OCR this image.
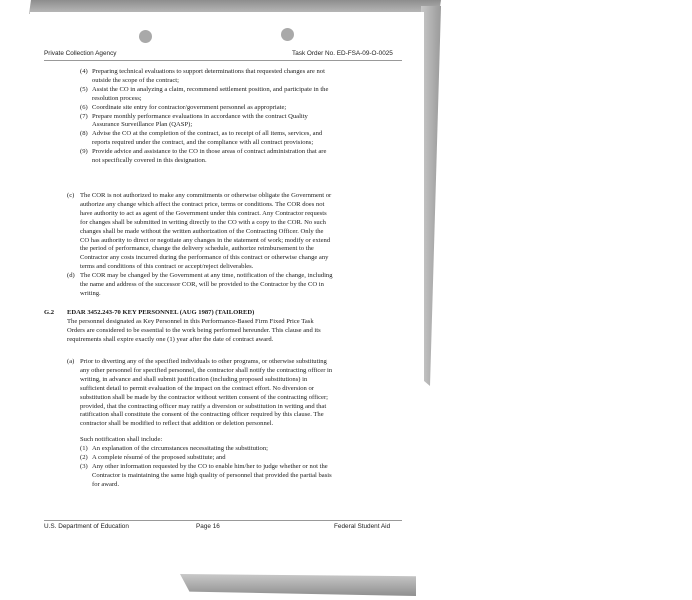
Private Collection Agency	Task Order No. ED-FSA-09-O-0025
(4) Preparing technical evaluations to support determinations that requested changes are not
outside the scope of the contract;
(5) Assist the CO in analyzing a claim, recommend settlement position, and participate in the
resolution process;
(6) Coordinate site entry for contractor/government personnel as appropriate;
(7) Prepare monthly performance evaluations in accordance with the contract Quality
Assurance Surveillance Plan (QASP);
(8) Advise the CO at the completion of the contract, as to receipt of all items, services, and
reports required under the contract, and the compliance with all contract provisions;
(9) Provide advice and assistance to the CO in those areas of contract administration that are
not specifically covered in this designation.
(c) The COR is not authorized to make any commitments or otherwise obligate the Government or
authorize any change which affect the contract price, terms or conditions. The COR does not
have authority to act as agent of the Government under this contract. Any Contractor requests
for changes shall be submitted in writing directly to the CO with a copy to the COR. No such
changes shall be made without the written authorization of the Contracting Officer. Only the
CO has authority to direct or negotiate any changes in the statement of work; modify or extend
the period of performance, change the delivery schedule, authorize reimbursement to the
Contractor any costs incurred during the performance of this contract or otherwise change any
terms and conditions of this contract or accept/reject deliverables.
(d) The COR may be changed by the Government at any time, notification of the change, including
the name and address of the successor COR, will be provided to the Contractor by the CO in
writing.
G.2 EDAR 3452.243-70 KEY PERSONNEL (AUG 1987) (TAILORED)
The personnel designated as Key Personnel in this Performance-Based Firm Fixed Price Task
Orders are considered to be essential to the work being performed hereunder. This clause and its
requirements shall expire exactly one (1) year after the date of contract award.
(a) Prior to diverting any of the specified individuals to other programs, or otherwise substituting
any other personnel for specified personnel, the contractor shall notify the contracting officer in
writing, in advance and shall submit justification (including proposed substitutions) in
sufficient detail to permit evaluation of the impact on the contract effort. No diversion or
substitution shall be made by the contractor without written consent of the contracting officer;
provided, that the contracting officer may ratify a diversion or substitution in writing and that
ratification shall constitute the consent of the contracting officer required by this clause. The
contractor shall be modified to reflect that addition or deletion personnel.
Such notification shall include:
(1) An explanation of the circumstances necessitating the substitution;
(2) A complete résumé of the proposed substitute; and
(3) Any other information requested by the CO to enable him/her to judge whether or not the
Contractor is maintaining the same high quality of personnel that provided the partial basis
for award.
U.S. Department of Education	Page 16	Federal Student Aid
